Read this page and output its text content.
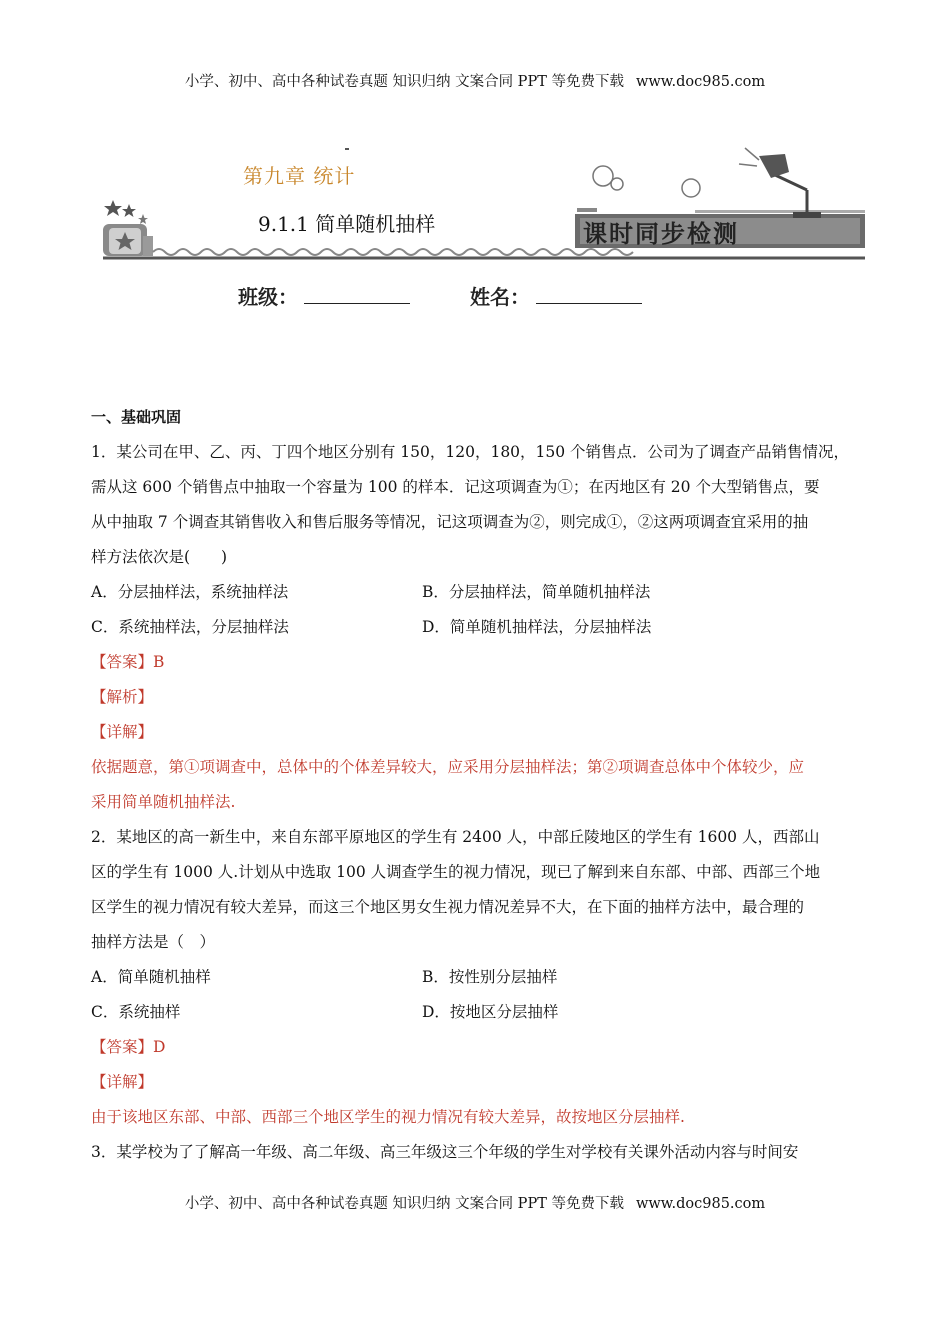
小学、初中、高中各种试卷真题 知识归纳 文案合同 PPT 等免费下载 www.doc985.com
第九章 统计
9.1.1 简单随机抽样	课时同步检测
班级：	姓名：
一、基础巩固
1．某公司在甲、乙、丙、丁四个地区分别有 150，120，180，150 个销售点．公司为了调查产品销售情况，
需从这 600 个销售点中抽取一个容量为 100 的样本．记这项调查为①；在丙地区有 20 个大型销售点，要
从中抽取 7 个调查其销售收入和售后服务等情况，记这项调查为②，则完成①，②这两项调查宜采用的抽
样方法依次是(　　)
A．分层抽样法，系统抽样法	B．分层抽样法，简单随机抽样法
C．系统抽样法，分层抽样法	D．简单随机抽样法，分层抽样法
【答案】B
【解析】
【详解】
依据题意，第①项调查中，总体中的个体差异较大，应采用分层抽样法；第②项调查总体中个体较少，应
采用简单随机抽样法.
2．某地区的高一新生中，来自东部平原地区的学生有 2400 人，中部丘陵地区的学生有 1600 人，西部山
区的学生有 1000 人.计划从中选取 100 人调查学生的视力情况，现已了解到来自东部、中部、西部三个地
区学生的视力情况有较大差异，而这三个地区男女生视力情况差异不大，在下面的抽样方法中，最合理的
抽样方法是（　）
A．简单随机抽样	B．按性别分层抽样
C．系统抽样	D．按地区分层抽样
【答案】D
【详解】
由于该地区东部、中部、西部三个地区学生的视力情况有较大差异，故按地区分层抽样.
3．某学校为了了解高一年级、高二年级、高三年级这三个年级的学生对学校有关课外活动内容与时间安
小学、初中、高中各种试卷真题 知识归纳 文案合同 PPT 等免费下载 www.doc985.com
